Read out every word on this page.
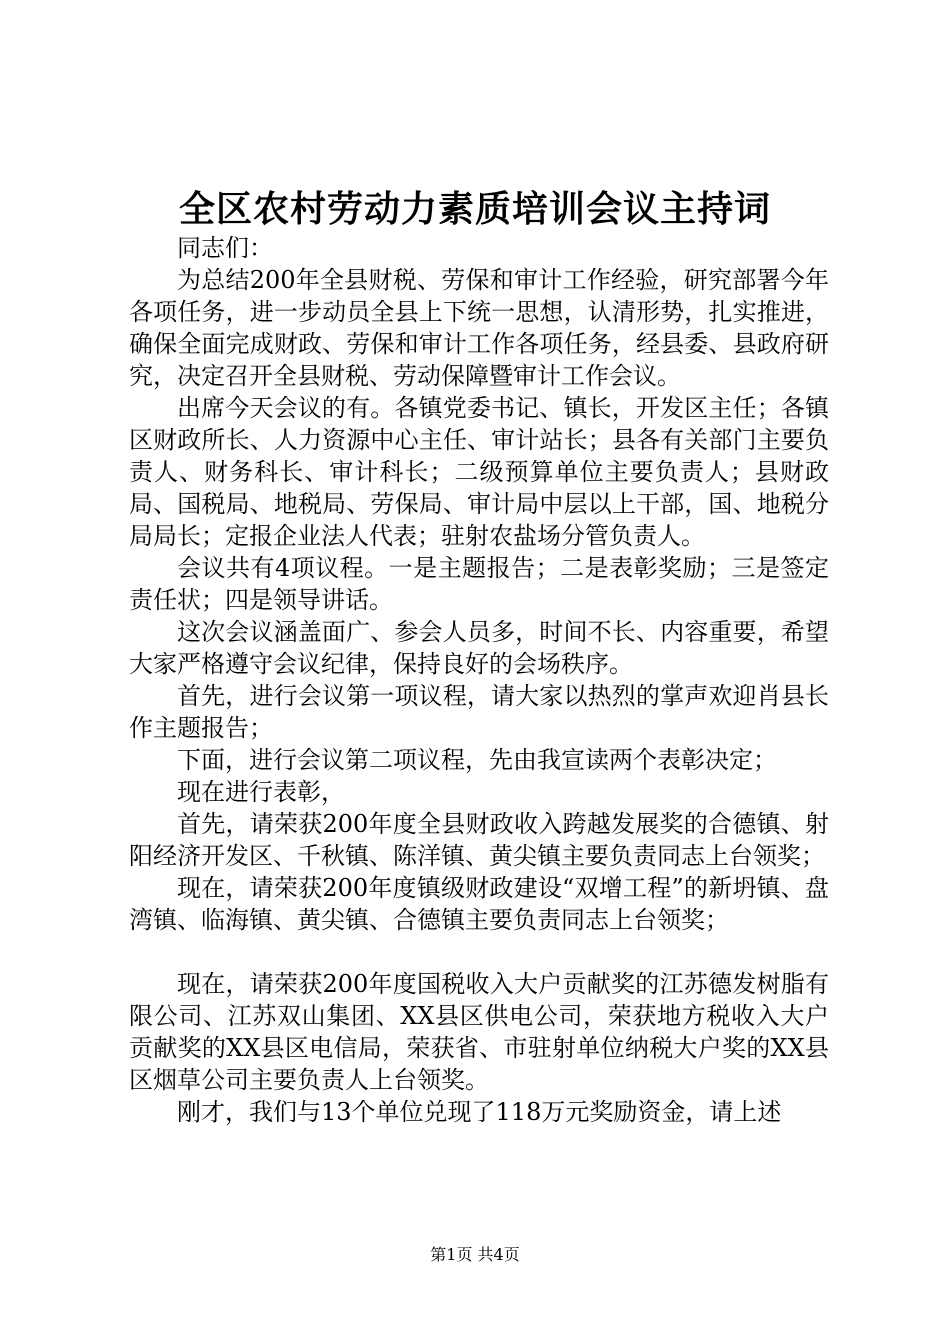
全区农村劳动力素质培训会议主持词

同志们：

为总结200年全县财税、劳保和审计工作经验，研究部署今年各项任务，进一步动员全县上下统一思想，认清形势，扎实推进，确保全面完成财政、劳保和审计工作各项任务，经县委、县政府研究，决定召开全县财税、劳动保障暨审计工作会议。

出席今天会议的有。各镇党委书记、镇长，开发区主任；各镇区财政所长、人力资源中心主任、审计站长；县各有关部门主要负责人、财务科长、审计科长；二级预算单位主要负责人；县财政局、国税局、地税局、劳保局、审计局中层以上干部，国、地税分局局长；定报企业法人代表；驻射农盐场分管负责人。

会议共有4项议程。一是主题报告；二是表彰奖励；三是签定责任状；四是领导讲话。

这次会议涵盖面广、参会人员多，时间不长、内容重要，希望大家严格遵守会议纪律，保持良好的会场秩序。

首先，进行会议第一项议程，请大家以热烈的掌声欢迎肖县长作主题报告；

下面，进行会议第二项议程，先由我宣读两个表彰决定；

现在进行表彰，

首先，请荣获200年度全县财政收入跨越发展奖的合德镇、射阳经济开发区、千秋镇、陈洋镇、黄尖镇主要负责同志上台领奖；

现在，请荣获200年度镇级财政建设“双增工程”的新坍镇、盘湾镇、临海镇、黄尖镇、合德镇主要负责同志上台领奖；

现在，请荣获200年度国税收入大户贡献奖的江苏德发树脂有限公司、江苏双山集团、XX县区供电公司，荣获地方税收入大户贡献奖的XX县区电信局，荣获省、市驻射单位纳税大户奖的XX县区烟草公司主要负责人上台领奖。

刚才，我们与13个单位兑现了118万元奖励资金，请上述

第1页 共4页
